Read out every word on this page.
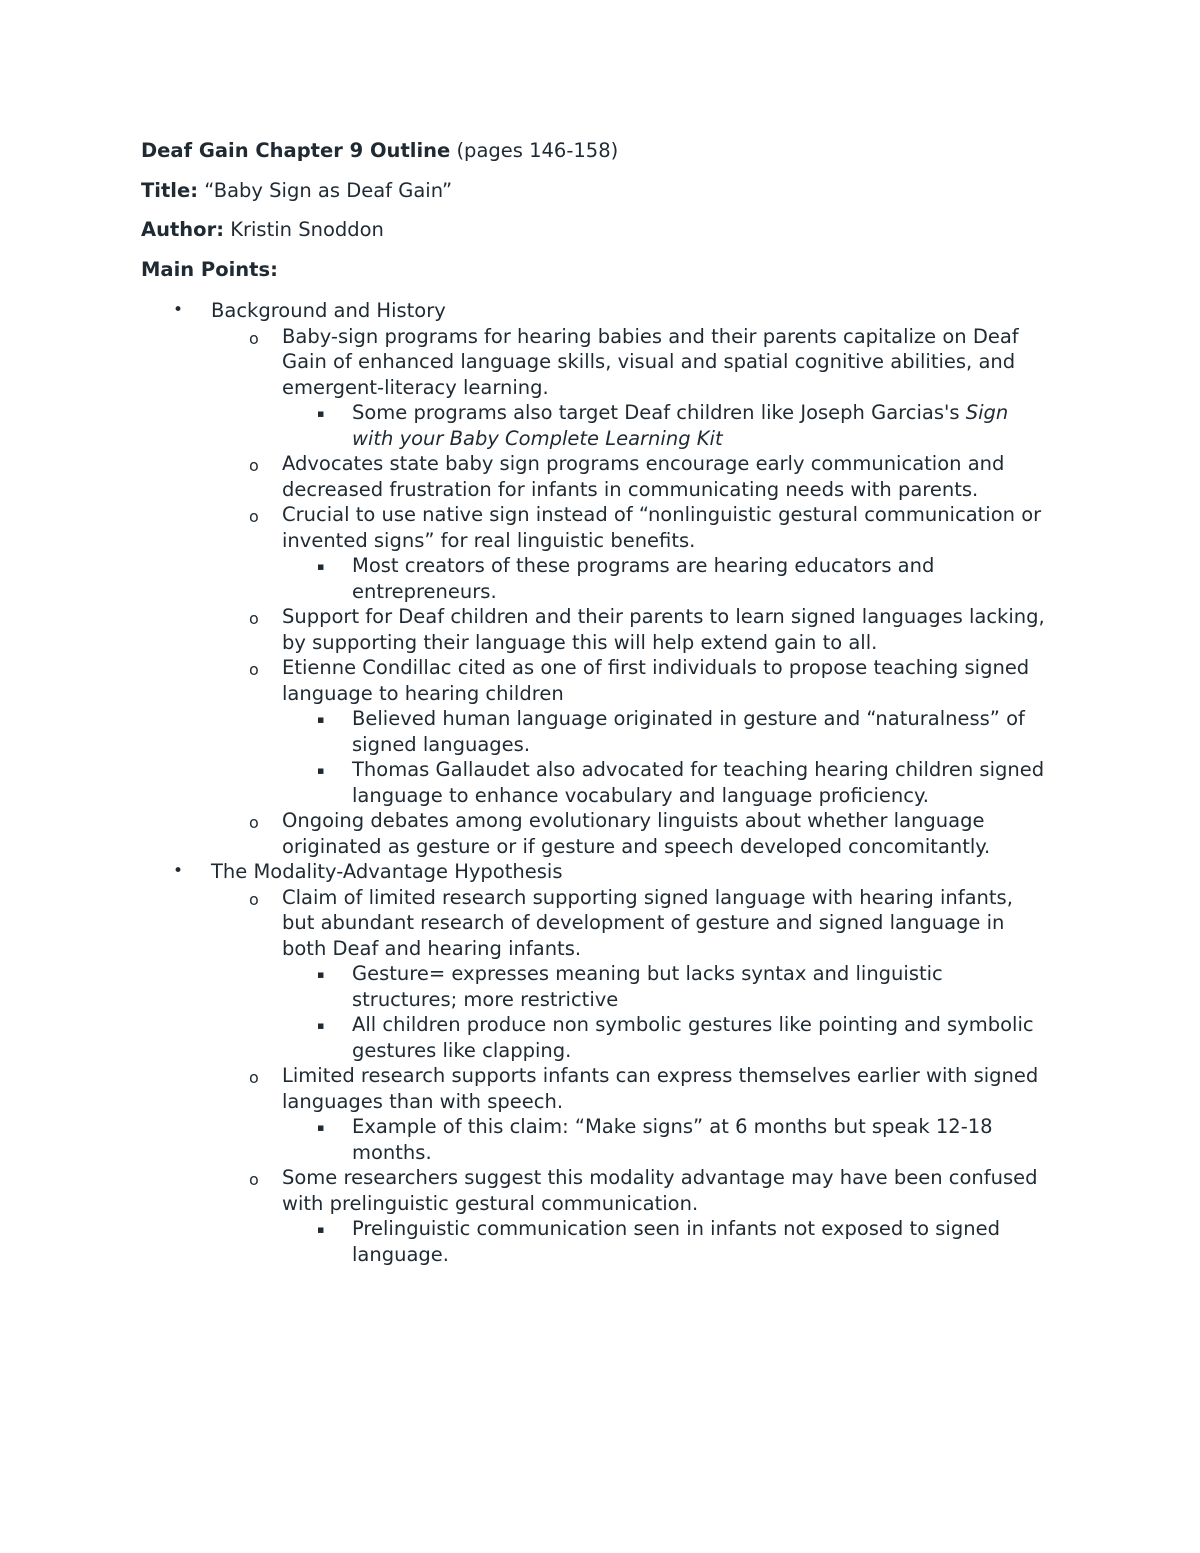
Deaf Gain Chapter 9 Outline (pages 146-158)

Title: “Baby Sign as Deaf Gain”

Author: Kristin Snoddon

Main Points:

• Background and History
o Baby-sign programs for hearing babies and their parents capitalize on Deaf Gain of enhanced language skills, visual and spatial cognitive abilities, and emergent-literacy learning.
▪ Some programs also target Deaf children like Joseph Garcias's Sign with your Baby Complete Learning Kit
o Advocates state baby sign programs encourage early communication and decreased frustration for infants in communicating needs with parents.
o Crucial to use native sign instead of “nonlinguistic gestural communication or invented signs” for real linguistic benefits.
▪ Most creators of these programs are hearing educators and entrepreneurs.
o Support for Deaf children and their parents to learn signed languages lacking, by supporting their language this will help extend gain to all.
o Etienne Condillac cited as one of first individuals to propose teaching signed language to hearing children
▪ Believed human language originated in gesture and “naturalness” of signed languages.
▪ Thomas Gallaudet also advocated for teaching hearing children signed language to enhance vocabulary and language proficiency.
o Ongoing debates among evolutionary linguists about whether language originated as gesture or if gesture and speech developed concomitantly.
• The Modality-Advantage Hypothesis
o Claim of limited research supporting signed language with hearing infants, but abundant research of development of gesture and signed language in both Deaf and hearing infants.
▪ Gesture= expresses meaning but lacks syntax and linguistic structures; more restrictive
▪ All children produce non symbolic gestures like pointing and symbolic gestures like clapping.
o Limited research supports infants can express themselves earlier with signed languages than with speech.
▪ Example of this claim: “Make signs” at 6 months but speak 12-18 months.
o Some researchers suggest this modality advantage may have been confused with prelinguistic gestural communication.
▪ Prelinguistic communication seen in infants not exposed to signed language.
